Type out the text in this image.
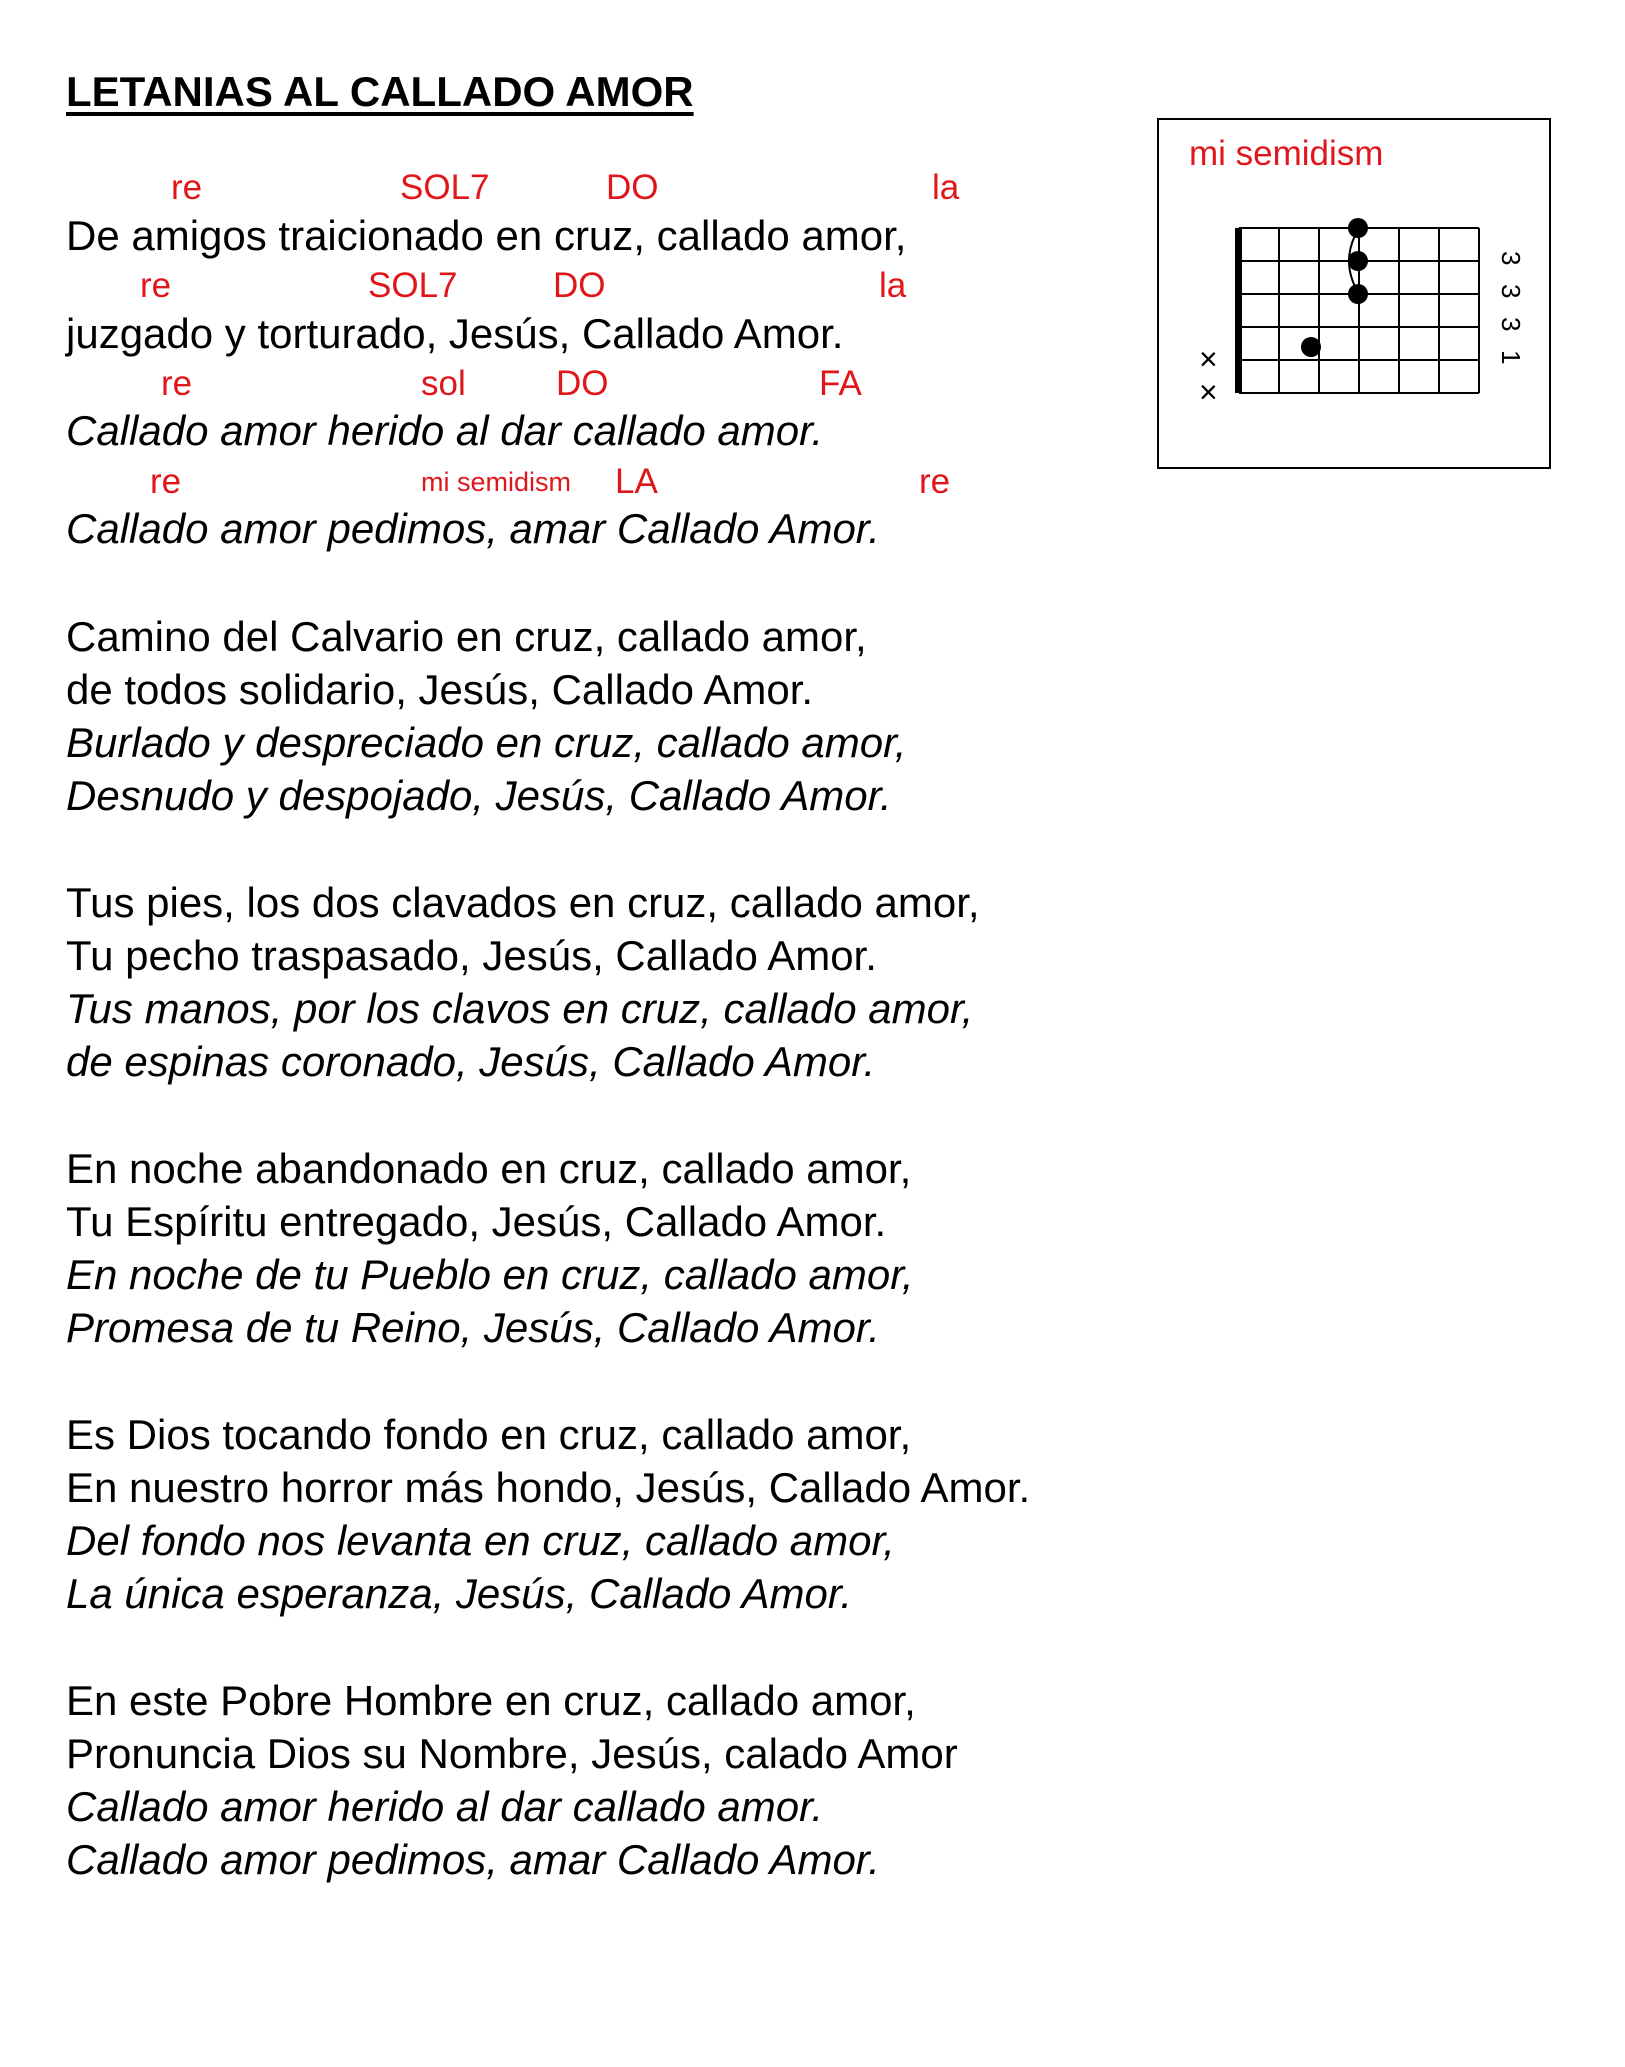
LETANIAS AL CALLADO AMOR
mi semidism
1
3
3
3
×
×
re	SOL7	DO	la

De amigos traicionado en cruz, callado amor,

re	SOL7	DO	la

juzgado y torturado, Jesús, Callado Amor.

re	sol	DO	FA

Callado amor herido al dar callado amor.

re	mi semidism LA	re

Callado amor pedimos, amar Callado Amor.

Camino del Calvario en cruz, callado amor,

de todos solidario, Jesús, Callado Amor.

Burlado y despreciado en cruz, callado amor,

Desnudo y despojado, Jesús, Callado Amor.

Tus pies, los dos clavados en cruz, callado amor,

Tu pecho traspasado, Jesús, Callado Amor.

Tus manos, por los clavos en cruz, callado amor,

de espinas coronado, Jesús, Callado Amor.

En noche abandonado en cruz, callado amor,

Tu Espíritu entregado, Jesús, Callado Amor.

En noche de tu Pueblo en cruz, callado amor,

Promesa de tu Reino, Jesús, Callado Amor.

Es Dios tocando fondo en cruz, callado amor,

En nuestro horror más hondo, Jesús, Callado Amor.

Del fondo nos levanta en cruz, callado amor,

La única esperanza, Jesús, Callado Amor.

En este Pobre Hombre en cruz, callado amor,

Pronuncia Dios su Nombre, Jesús, calado Amor

Callado amor herido al dar callado amor.

Callado amor pedimos, amar Callado Amor.
